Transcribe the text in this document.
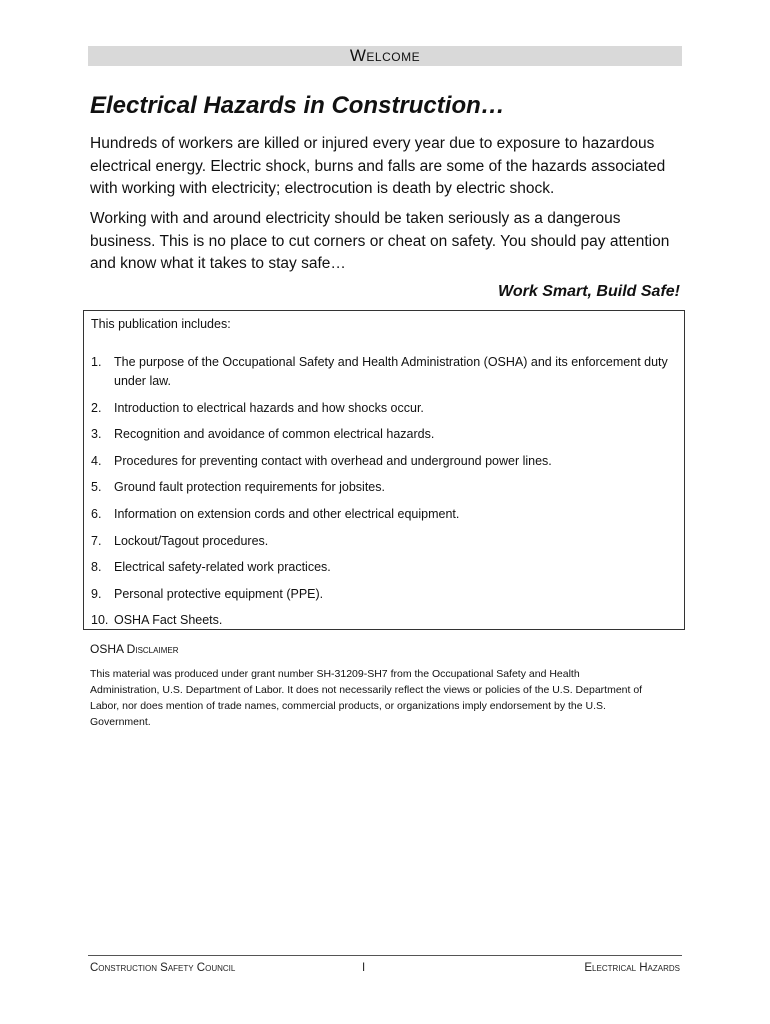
Welcome
Electrical Hazards in Construction…

Hundreds of workers are killed or injured every year due to exposure to hazardous electrical energy. Electric shock, burns and falls are some of the hazards associated with working with electricity; electrocution is death by electric shock.

Working with and around electricity should be taken seriously as a dangerous business. This is no place to cut corners or cheat on safety. You should pay attention and know what it takes to stay safe…

Work Smart, Build Safe!

This publication includes:
1.	The purpose of the Occupational Safety and Health Administration (OSHA) and its enforcement duty under law.
2.	Introduction to electrical hazards and how shocks occur.
3.	Recognition and avoidance of common electrical hazards.
4.	Procedures for preventing contact with overhead and underground power lines.
5.	Ground fault protection requirements for jobsites.
6.	Information on extension cords and other electrical equipment.
7.	Lockout/Tagout procedures.
8.	Electrical safety-related work practices.
9.	Personal protective equipment (PPE).
10. OSHA Fact Sheets.
OSHA Disclaimer

This material was produced under grant number SH-31209-SH7 from the Occupational Safety and Health Administration, U.S. Department of Labor. It does not necessarily reflect the views or policies of the U.S. Department of Labor, nor does mention of trade names, commercial products, or organizations imply endorsement by the U.S. Government.

Construction Safety Council	I	Electrical Hazards
